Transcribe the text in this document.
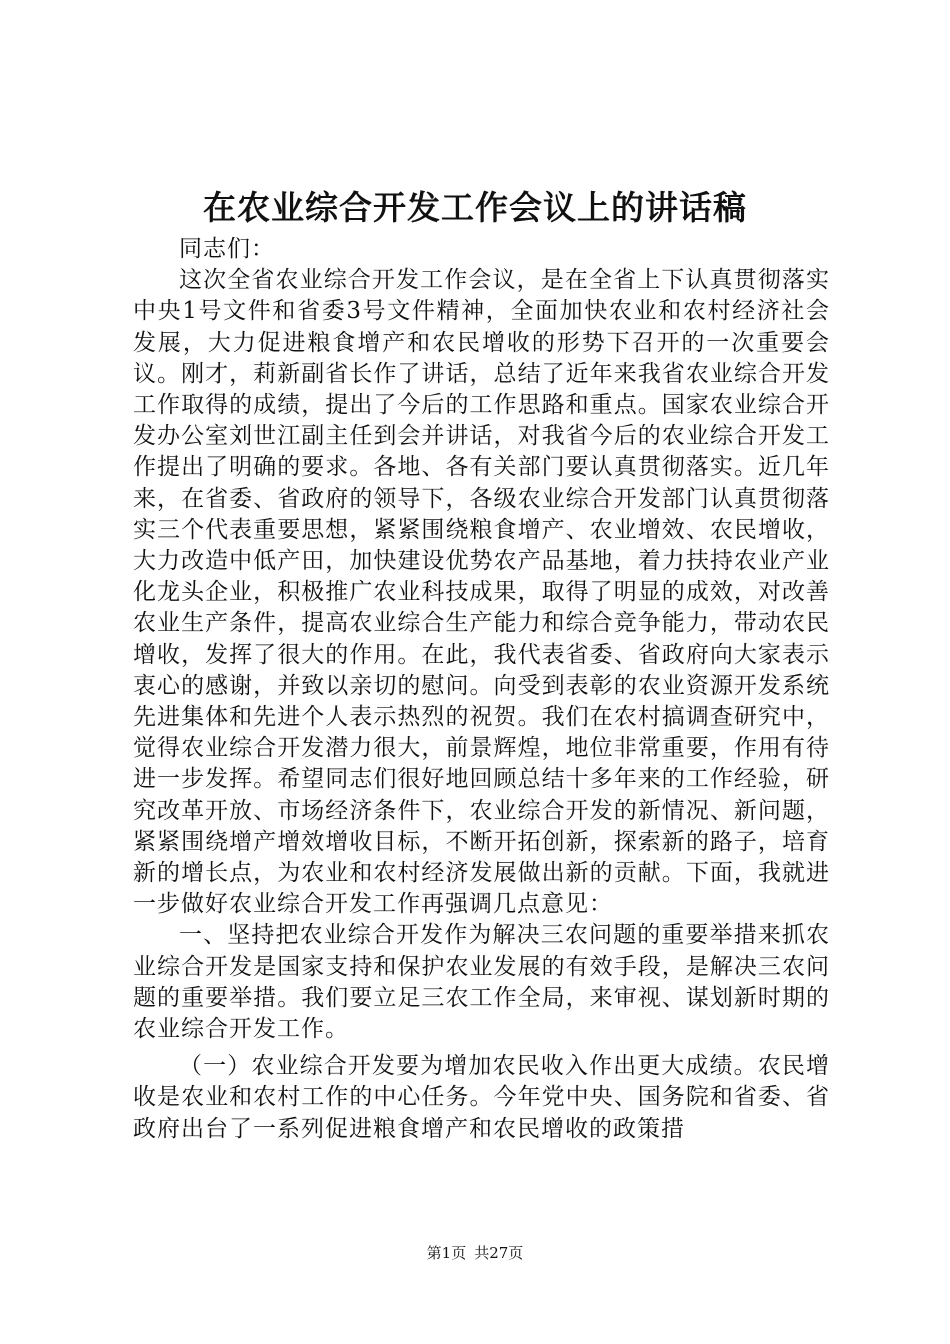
在农业综合开发工作会议上的讲话稿

同志们：

这次全省农业综合开发工作会议，是在全省上下认真贯彻落实中央1号文件和省委3号文件精神，全面加快农业和农村经济社会发展，大力促进粮食增产和农民增收的形势下召开的一次重要会议。刚才，莉新副省长作了讲话，总结了近年来我省农业综合开发工作取得的成绩，提出了今后的工作思路和重点。国家农业综合开发办公室刘世江副主任到会并讲话，对我省今后的农业综合开发工作提出了明确的要求。各地、各有关部门要认真贯彻落实。近几年来，在省委、省政府的领导下，各级农业综合开发部门认真贯彻落实三个代表重要思想，紧紧围绕粮食增产、农业增效、农民增收，大力改造中低产田，加快建设优势农产品基地，着力扶持农业产业化龙头企业，积极推广农业科技成果，取得了明显的成效，对改善农业生产条件，提高农业综合生产能力和综合竞争能力，带动农民增收，发挥了很大的作用。在此，我代表省委、省政府向大家表示衷心的感谢，并致以亲切的慰问。向受到表彰的农业资源开发系统先进集体和先进个人表示热烈的祝贺。我们在农村搞调查研究中，觉得农业综合开发潜力很大，前景辉煌，地位非常重要，作用有待进一步发挥。希望同志们很好地回顾总结十多年来的工作经验，研究改革开放、市场经济条件下，农业综合开发的新情况、新问题，紧紧围绕增产增效增收目标，不断开拓创新，探索新的路子，培育新的增长点，为农业和农村经济发展做出新的贡献。下面，我就进一步做好农业综合开发工作再强调几点意见：

一、坚持把农业综合开发作为解决三农问题的重要举措来抓农业综合开发是国家支持和保护农业发展的有效手段，是解决三农问题的重要举措。我们要立足三农工作全局，来审视、谋划新时期的农业综合开发工作。

（一）农业综合开发要为增加农民收入作出更大成绩。农民增收是农业和农村工作的中心任务。今年党中央、国务院和省委、省政府出台了一系列促进粮食增产和农民增收的政策措

第1页 共27页
